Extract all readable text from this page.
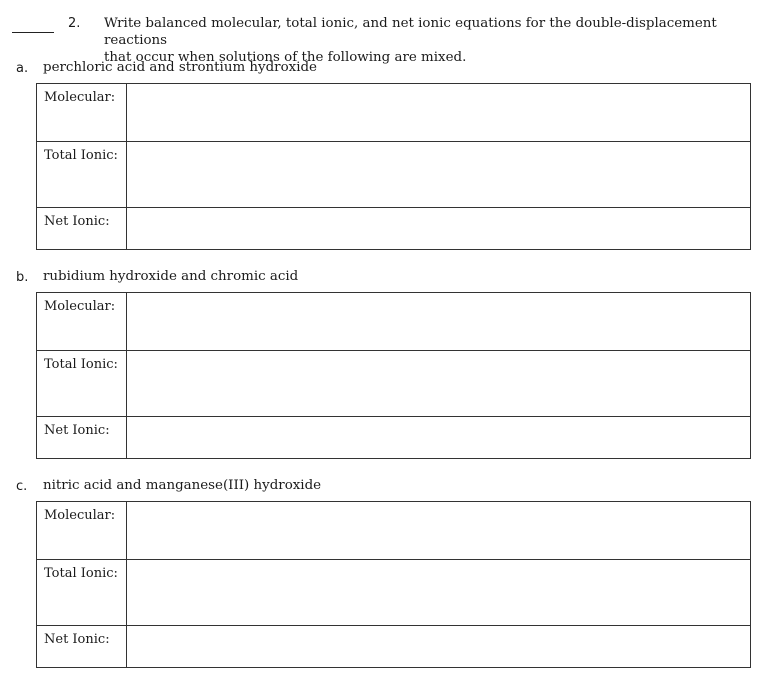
2. Write balanced molecular, total ionic, and net ionic equations for the double-displacement reactions
that occur when solutions of the following are mixed.
a. perchloric acid and strontium hydroxide
Molecular:
Total Ionic:
Net Ionic:
b. rubidium hydroxide and chromic acid
Molecular:
Total Ionic:
Net Ionic:
c. nitric acid and manganese(III) hydroxide
Molecular:
Total Ionic:
Net Ionic:
